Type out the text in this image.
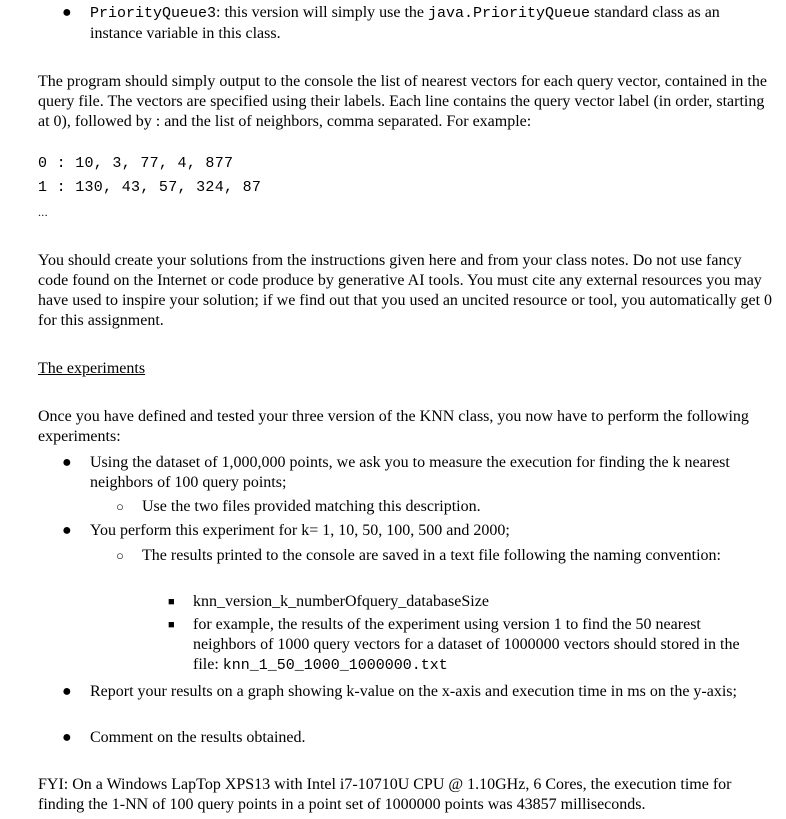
● PriorityQueue3: this version will simply use the java.PriorityQueue standard class as an instance variable in this class.
The program should simply output to the console the list of nearest vectors for each query vector, contained in the query file. The vectors are specified using their labels. Each line contains the query vector label (in order, starting at 0), followed by : and the list of neighbors, comma separated. For example:
0 : 10, 3, 77, 4, 877
1 : 130, 43, 57, 324, 87
...
You should create your solutions from the instructions given here and from your class notes. Do not use fancy code found on the Internet or code produce by generative AI tools. You must cite any external resources you may have used to inspire your solution; if we find out that you used an uncited resource or tool, you automatically get 0 for this assignment.
The experiments
Once you have defined and tested your three version of the KNN class, you now have to perform the following experiments:
● Using the dataset of 1,000,000 points, we ask you to measure the execution for finding the k nearest neighbors of 100 query points;
○ Use the two files provided matching this description.
● You perform this experiment for k= 1, 10, 50, 100, 500 and 2000;
○ The results printed to the console are saved in a text file following the naming convention:
■ knn_version_k_numberOfquery_databaseSize
■ for example, the results of the experiment using version 1 to find the 50 nearest neighbors of 1000 query vectors for a dataset of 1000000 vectors should stored in the file: knn_1_50_1000_1000000.txt
● Report your results on a graph showing k-value on the x-axis and execution time in ms on the y-axis;
● Comment on the results obtained.
FYI: On a Windows LapTop XPS13 with Intel i7-10710U CPU @ 1.10GHz, 6 Cores, the execution time for finding the 1-NN of 100 query points in a point set of 1000000 points was 43857 milliseconds.
